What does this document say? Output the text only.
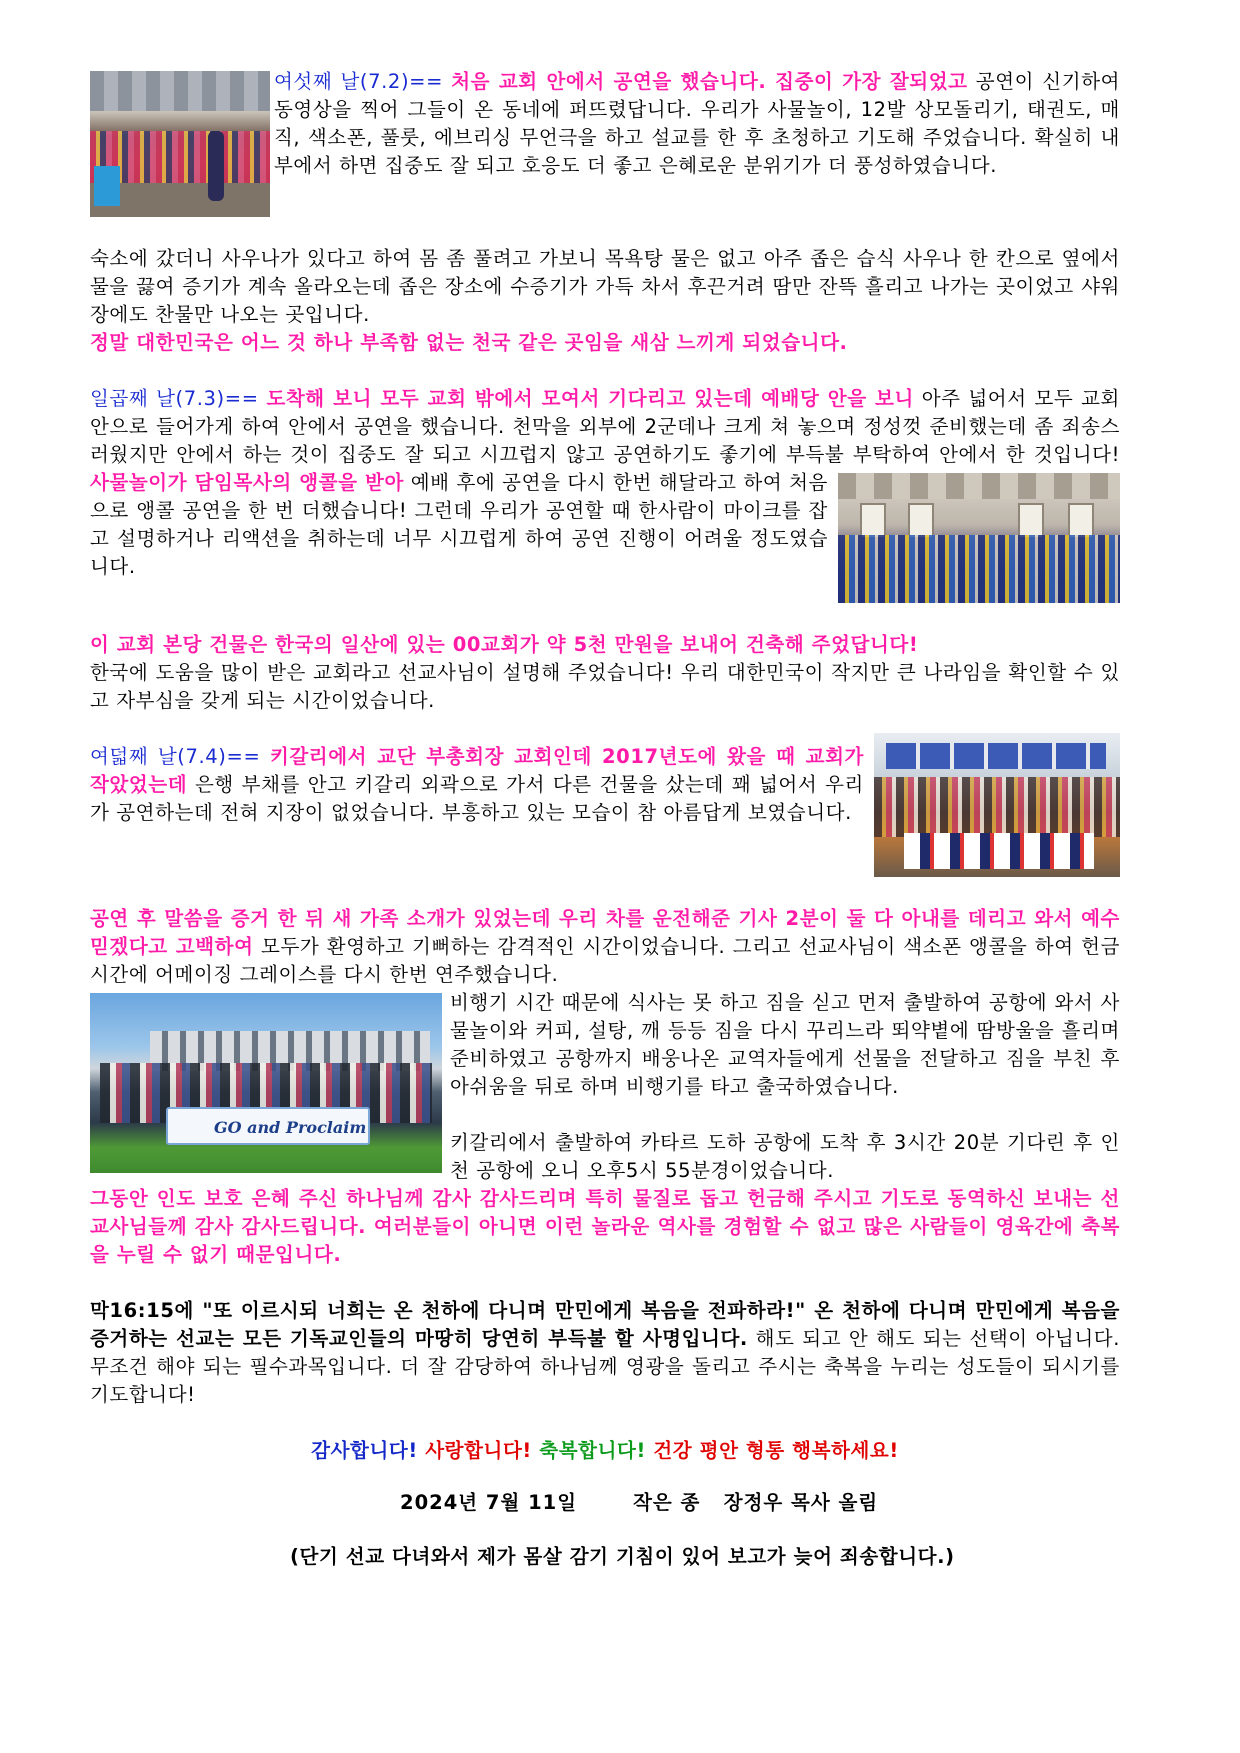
여섯째 날(7.2)== 처음 교회 안에서 공연을 했습니다. 집중이 가장 잘되었고 공연이 신기하여 동영상을 찍어 그들이 온 동네에 퍼뜨렸답니다. 우리가 사물놀이, 12발 상모돌리기, 태권도, 매직, 색소폰, 풀룻, 에브리싱 무언극을 하고 설교를 한 후 초청하고 기도해 주었습니다. 확실히 내부에서 하면 집중도 잘 되고 호응도 더 좋고 은혜로운 분위기가 더 풍성하였습니다.
숙소에 갔더니 사우나가 있다고 하여 몸 좀 풀려고 가보니 목욕탕 물은 없고 아주 좁은 습식 사우나 한 칸으로 옆에서 물을 끓여 증기가 계속 올라오는데 좁은 장소에 수증기가 가득 차서 후끈거려 땀만 잔뜩 흘리고 나가는 곳이었고 샤워장에도 찬물만 나오는 곳입니다.
정말 대한민국은 어느 것 하나 부족함 없는 천국 같은 곳임을 새삼 느끼게 되었습니다.
일곱째 날(7.3)== 도착해 보니 모두 교회 밖에서 모여서 기다리고 있는데 예배당 안을 보니 아주 넓어서 모두 교회 안으로 들어가게 하여 안에서 공연을 했습니다. 천막을 외부에 2군데나 크게 쳐 놓으며 정성껏 준비했는데 좀 죄송스러웠지만 안에서 하는 것이 집중도 잘 되고 시끄럽지 않고 공연하기도 좋기에 부득불 부탁하여 안에서 한 것입니다!
사물놀이가 담임목사의 앵콜을 받아 예배 후에 공연을 다시 한번 해달라고 하여 처음으로 앵콜 공연을 한 번 더했습니다! 그런데 우리가 공연할 때 한사람이 마이크를 잡고 설명하거나 리액션을 취하는데 너무 시끄럽게 하여 공연 진행이 어려울 정도였습니다.
이 교회 본당 건물은 한국의 일산에 있는 00교회가 약 5천 만원을 보내어 건축해 주었답니다!
한국에 도움을 많이 받은 교회라고 선교사님이 설명해 주었습니다! 우리 대한민국이 작지만 큰 나라임을 확인할 수 있고 자부심을 갖게 되는 시간이었습니다.
여덟째 날(7.4)== 키갈리에서 교단 부총회장 교회인데 2017년도에 왔을 때 교회가 작았었는데 은행 부채를 안고 키갈리 외곽으로 가서 다른 건물을 샀는데 꽤 넓어서 우리가 공연하는데 전혀 지장이 없었습니다. 부흥하고 있는 모습이 참 아름답게 보였습니다.
공연 후 말씀을 증거 한 뒤 새 가족 소개가 있었는데 우리 차를 운전해준 기사 2분이 둘 다 아내를 데리고 와서 예수 믿겠다고 고백하여 모두가 환영하고 기뻐하는 감격적인 시간이었습니다. 그리고 선교사님이 색소폰 앵콜을 하여 헌금 시간에 어메이징 그레이스를 다시 한번 연주했습니다.
GO and Proclaim
비행기 시간 때문에 식사는 못 하고 짐을 싣고 먼저 출발하여 공항에 와서 사물놀이와 커피, 설탕, 깨 등등 짐을 다시 꾸리느라 뙤약볕에 땀방울을 흘리며 준비하였고 공항까지 배웅나온 교역자들에게 선물을 전달하고 짐을 부친 후 아쉬움을 뒤로 하며 비행기를 타고 출국하였습니다.
키갈리에서 출발하여 카타르 도하 공항에 도착 후 3시간 20분 기다린 후 인천 공항에 오니 오후5시 55분경이었습니다.
그동안 인도 보호 은혜 주신 하나님께 감사 감사드리며 특히 물질로 돕고 헌금해 주시고 기도로 동역하신 보내는 선교사님들께 감사 감사드립니다. 여러분들이 아니면 이런 놀라운 역사를 경험할 수 없고 많은 사람들이 영육간에 축복을 누릴 수 없기 때문입니다.
막16:15에 "또 이르시되 너희는 온 천하에 다니며 만민에게 복음을 전파하라!" 온 천하에 다니며 만민에게 복음을 증거하는 선교는 모든 기독교인들의 마땅히 당연히 부득불 할 사명입니다. 해도 되고 안 해도 되는 선택이 아닙니다. 무조건 해야 되는 필수과목입니다. 더 잘 감당하여 하나님께 영광을 돌리고 주시는 축복을 누리는 성도들이 되시기를 기도합니다!
감사합니다! 사랑합니다! 축복합니다! 건강 평안 형통 행복하세요!
2024년 7월 11일	작은 종   장정우 목사 올림
(단기 선교 다녀와서 제가 몸살 감기 기침이 있어 보고가 늦어 죄송합니다.)
